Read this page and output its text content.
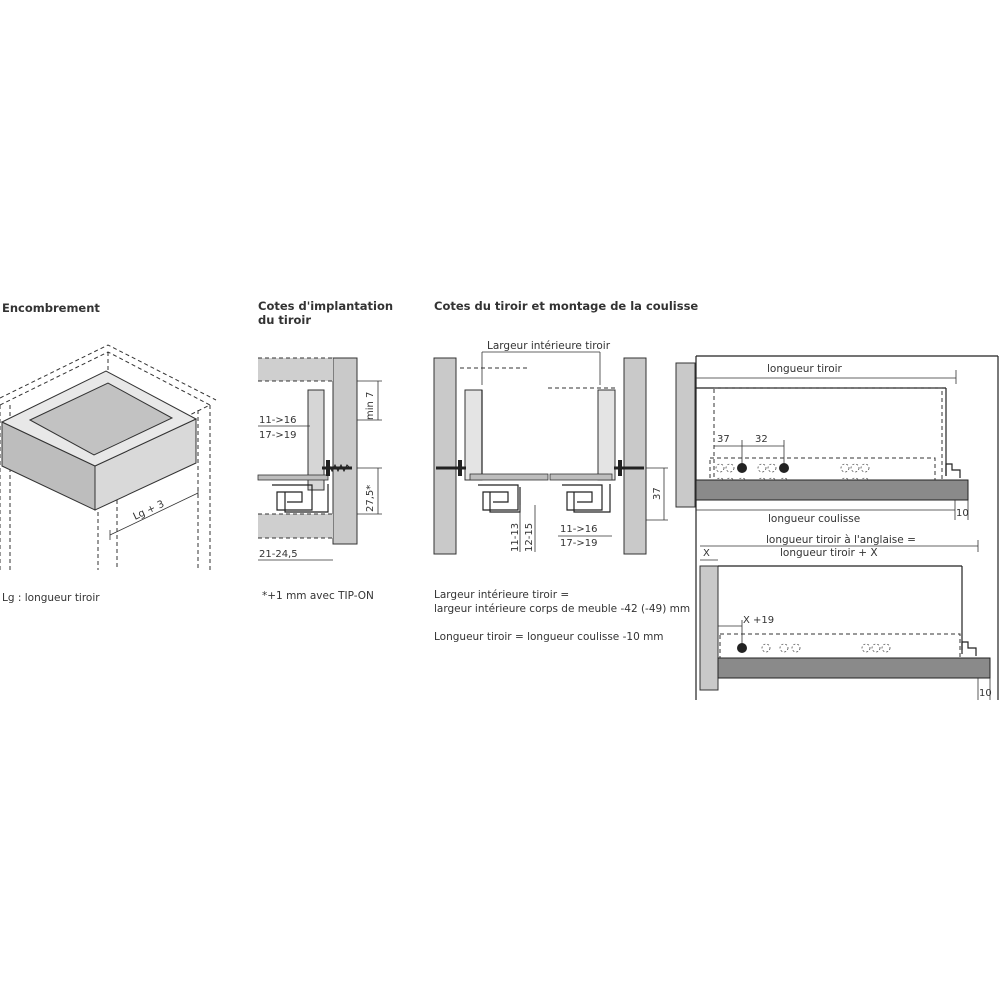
Encombrement
Lg + 3
Lg : longueur tiroir
Cotes d'implantation
du tiroir
min 7
27,5*
11->16
17->19
21-24,5
*+1 mm avec TIP-ON
Cotes du tiroir et montage de la coulisse
Largeur intérieure tiroir
37
11-13 12-15	11->16
17->19
Largeur intérieure tiroir =
largeur intérieure corps de meuble -42 (-49) mm
Longueur tiroir = longueur coulisse -10 mm
longueur tiroir
37	32
longueur coulisse	10
longueur tiroir à l'anglaise =
longueur tiroir + X
X
X +19
10
